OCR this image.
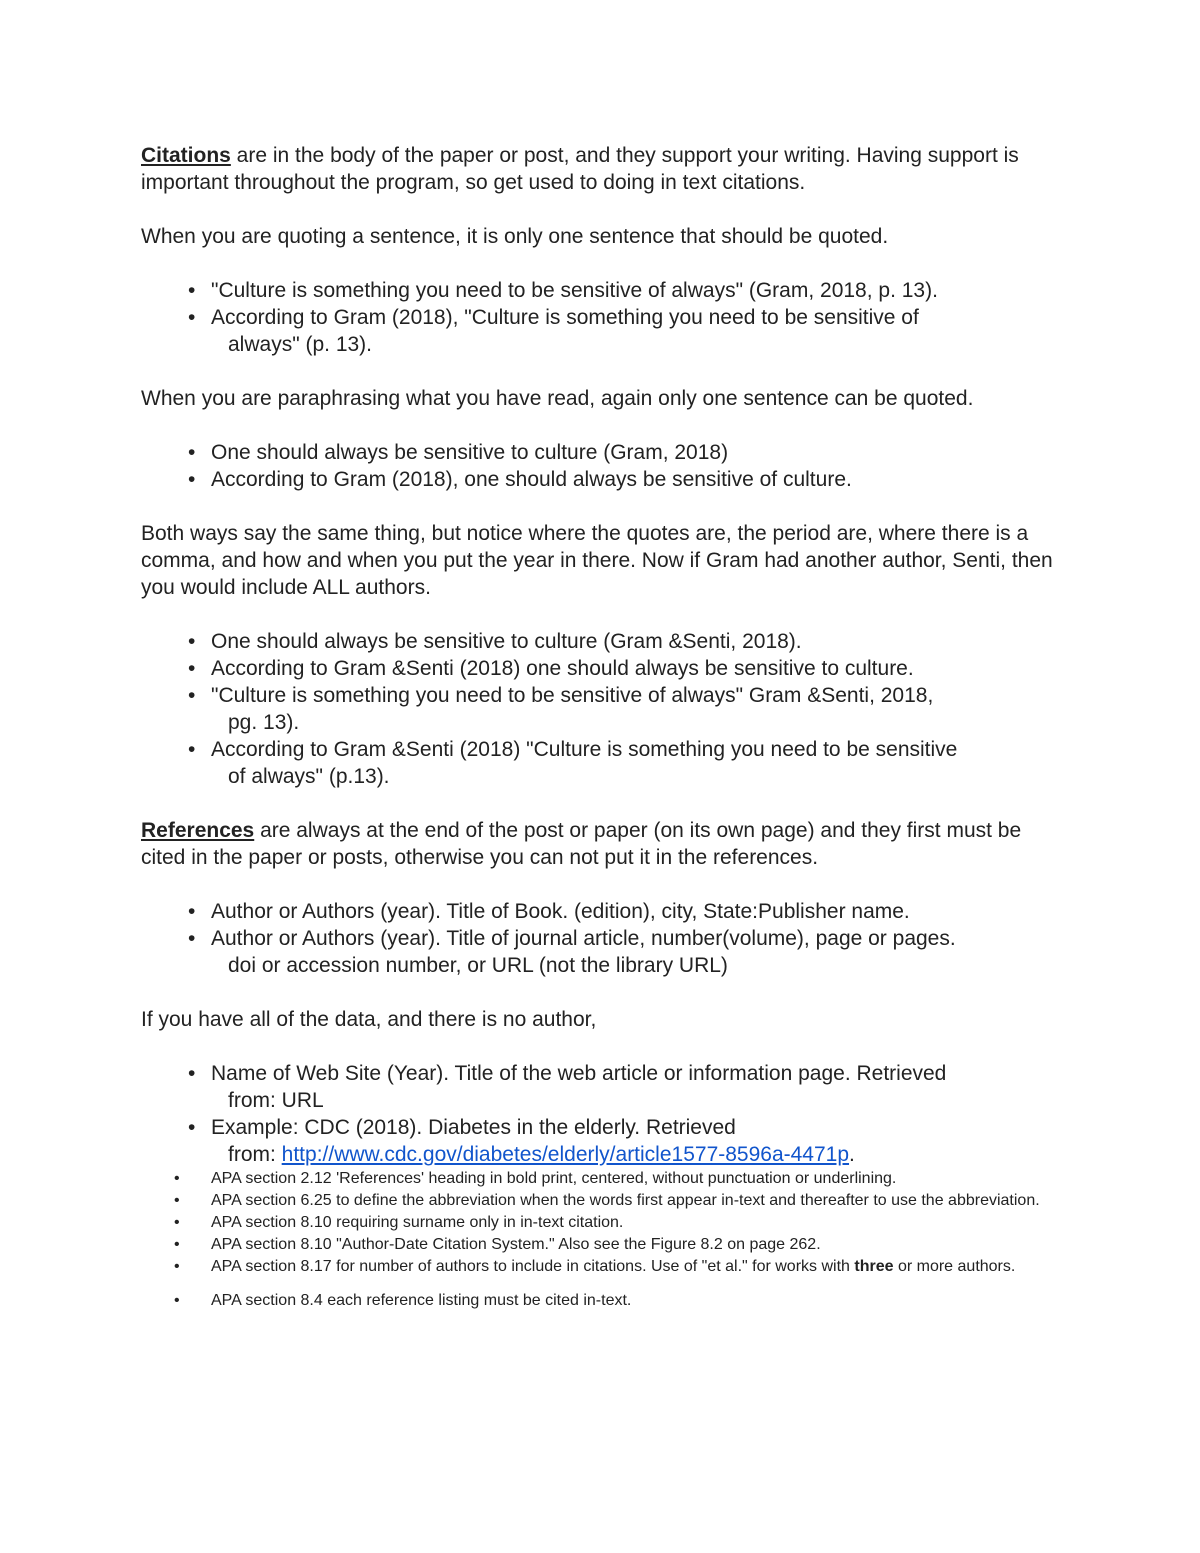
Citations are in the body of the paper or post, and they support your writing. Having support is important throughout the program, so get used to doing in text citations.

When you are quoting a sentence, it is only one sentence that should be quoted.

• "Culture is something you need to be sensitive of always" (Gram, 2018, p. 13).
• According to Gram (2018), "Culture is something you need to be sensitive of
always" (p. 13).

When you are paraphrasing what you have read, again only one sentence can be quoted.

• One should always be sensitive to culture (Gram, 2018)
• According to Gram (2018), one should always be sensitive of culture.

Both ways say the same thing, but notice where the quotes are, the period are, where there is a comma, and how and when you put the year in there. Now if Gram had another author, Senti, then you would include ALL authors.

• One should always be sensitive to culture (Gram &Senti, 2018).
• According to Gram &Senti (2018) one should always be sensitive to culture.
• "Culture is something you need to be sensitive of always" Gram &Senti, 2018,
pg. 13).
• According to Gram &Senti (2018) "Culture is something you need to be sensitive
of always" (p.13).

References are always at the end of the post or paper (on its own page) and they first must be cited in the paper or posts, otherwise you can not put it in the references.

• Author or Authors (year). Title of Book. (edition), city, State:Publisher name.
• Author or Authors (year). Title of journal article, number(volume), page or pages.
doi or accession number, or URL (not the library URL)

If you have all of the data, and there is no author,

• Name of Web Site (Year). Title of the web article or information page. Retrieved
from: URL
• Example: CDC (2018). Diabetes in the elderly. Retrieved
from: http://www.cdc.gov/diabetes/elderly/article1577-8596a-4471p.
• APA section 2.12 'References' heading in bold print, centered, without punctuation or underlining.
• APA section 6.25 to define the abbreviation when the words first appear in-text and thereafter to use the abbreviation.
• APA section 8.10 requiring surname only in in-text citation.
• APA section 8.10 "Author-Date Citation System." Also see the Figure 8.2 on page 262.
• APA section 8.17 for number of authors to include in citations. Use of "et al." for works with three or more authors.
• APA section 8.4 each reference listing must be cited in-text.
